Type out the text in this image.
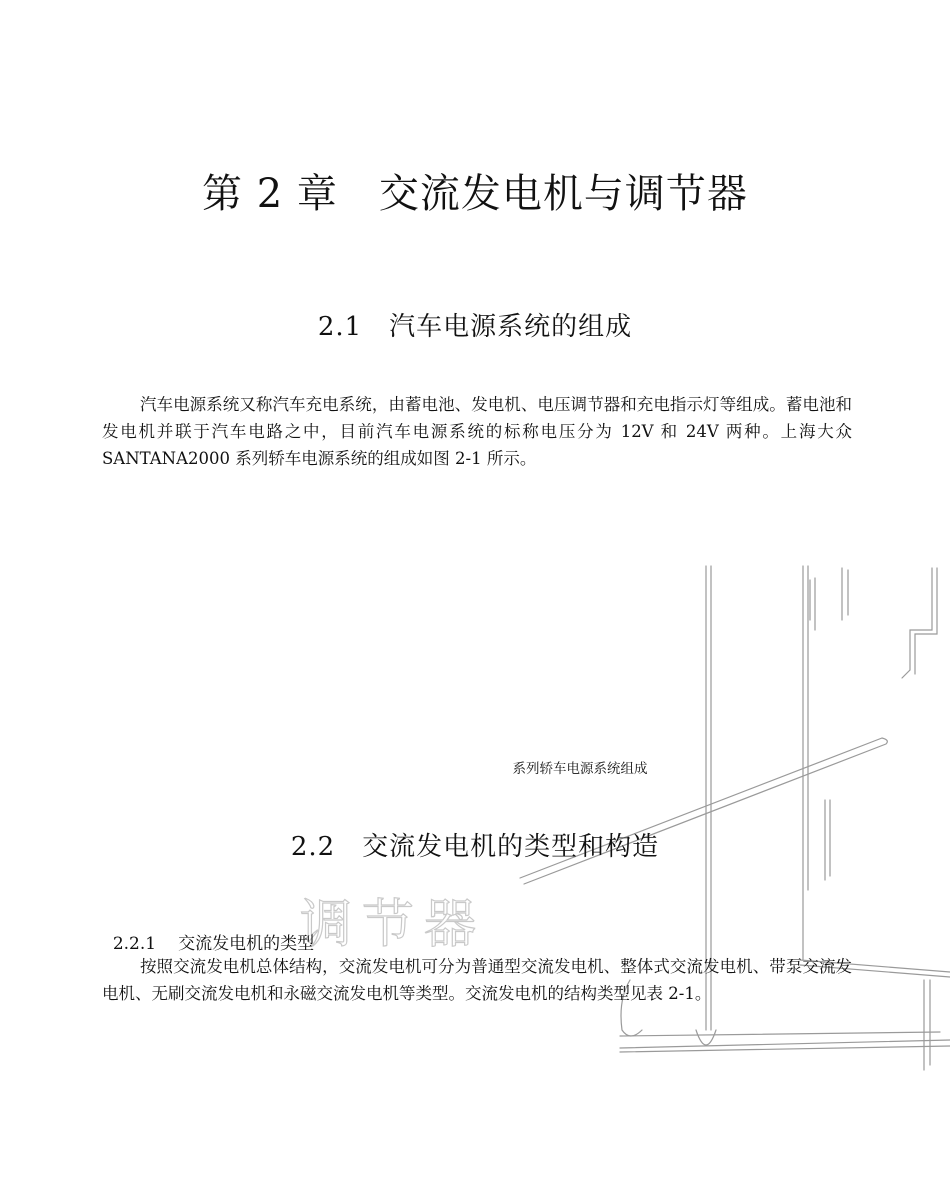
第 2 章　交流发电机与调节器
2.1　汽车电源系统的组成

汽车电源系统又称汽车充电系统，由蓄电池、发电机、电压调节器和充电指示灯等组成。蓄电池和发电机并联于汽车电路之中，目前汽车电源系统的标称电压分为 12V 和 24V 两种。上海大众 SANTANA2000 系列轿车电源系统的组成如图 2-1 所示。

系列轿车电源系统组成
2.2　交流发电机的类型和构造
调节器

2.2.1 交流发电机的类型

按照交流发电机总体结构，交流发电机可分为普通型交流发电机、整体式交流发电机、带泵交流发电机、无刷交流发电机和永磁交流发电机等类型。交流发电机的结构类型见表 2-1。
